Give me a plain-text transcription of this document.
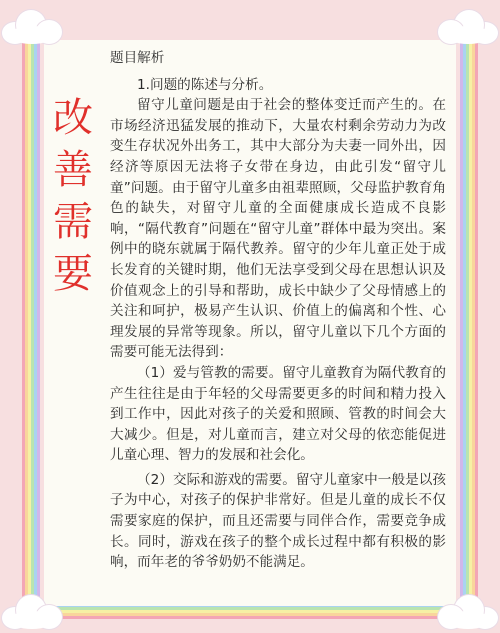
改
善
需
要

题目解析

1.问题的陈述与分析。

留守儿童问题是由于社会的整体变迁而产生的。在市场经济迅猛发展的推动下，大量农村剩余劳动力为改变生存状况外出务工，其中大部分为夫妻一同外出，因经济等原因无法将子女带在身边，由此引发“留守儿童”问题。由于留守儿童多由祖辈照顾，父母监护教育角色的缺失，对留守儿童的全面健康成长造成不良影响，“隔代教育”问题在“留守儿童”群体中最为突出。案例中的晓东就属于隔代教养。留守的少年儿童正处于成长发育的关键时期，他们无法享受到父母在思想认识及价值观念上的引导和帮助，成长中缺少了父母情感上的关注和呵护，极易产生认识、价值上的偏离和个性、心理发展的异常等现象。所以，留守儿童以下几个方面的需要可能无法得到：

（1）爱与管教的需要。留守儿童教育为隔代教育的产生往往是由于年轻的父母需要更多的时间和精力投入到工作中，因此对孩子的关爱和照顾、管教的时间会大大减少。但是，对儿童而言，建立对父母的依恋能促进儿童心理、智力的发展和社会化。

（2）交际和游戏的需要。留守儿童家中一般是以孩子为中心，对孩子的保护非常好。但是儿童的成长不仅需要家庭的保护，而且还需要与同伴合作，需要竞争成长。同时，游戏在孩子的整个成长过程中都有积极的影响，而年老的爷爷奶奶不能满足。
